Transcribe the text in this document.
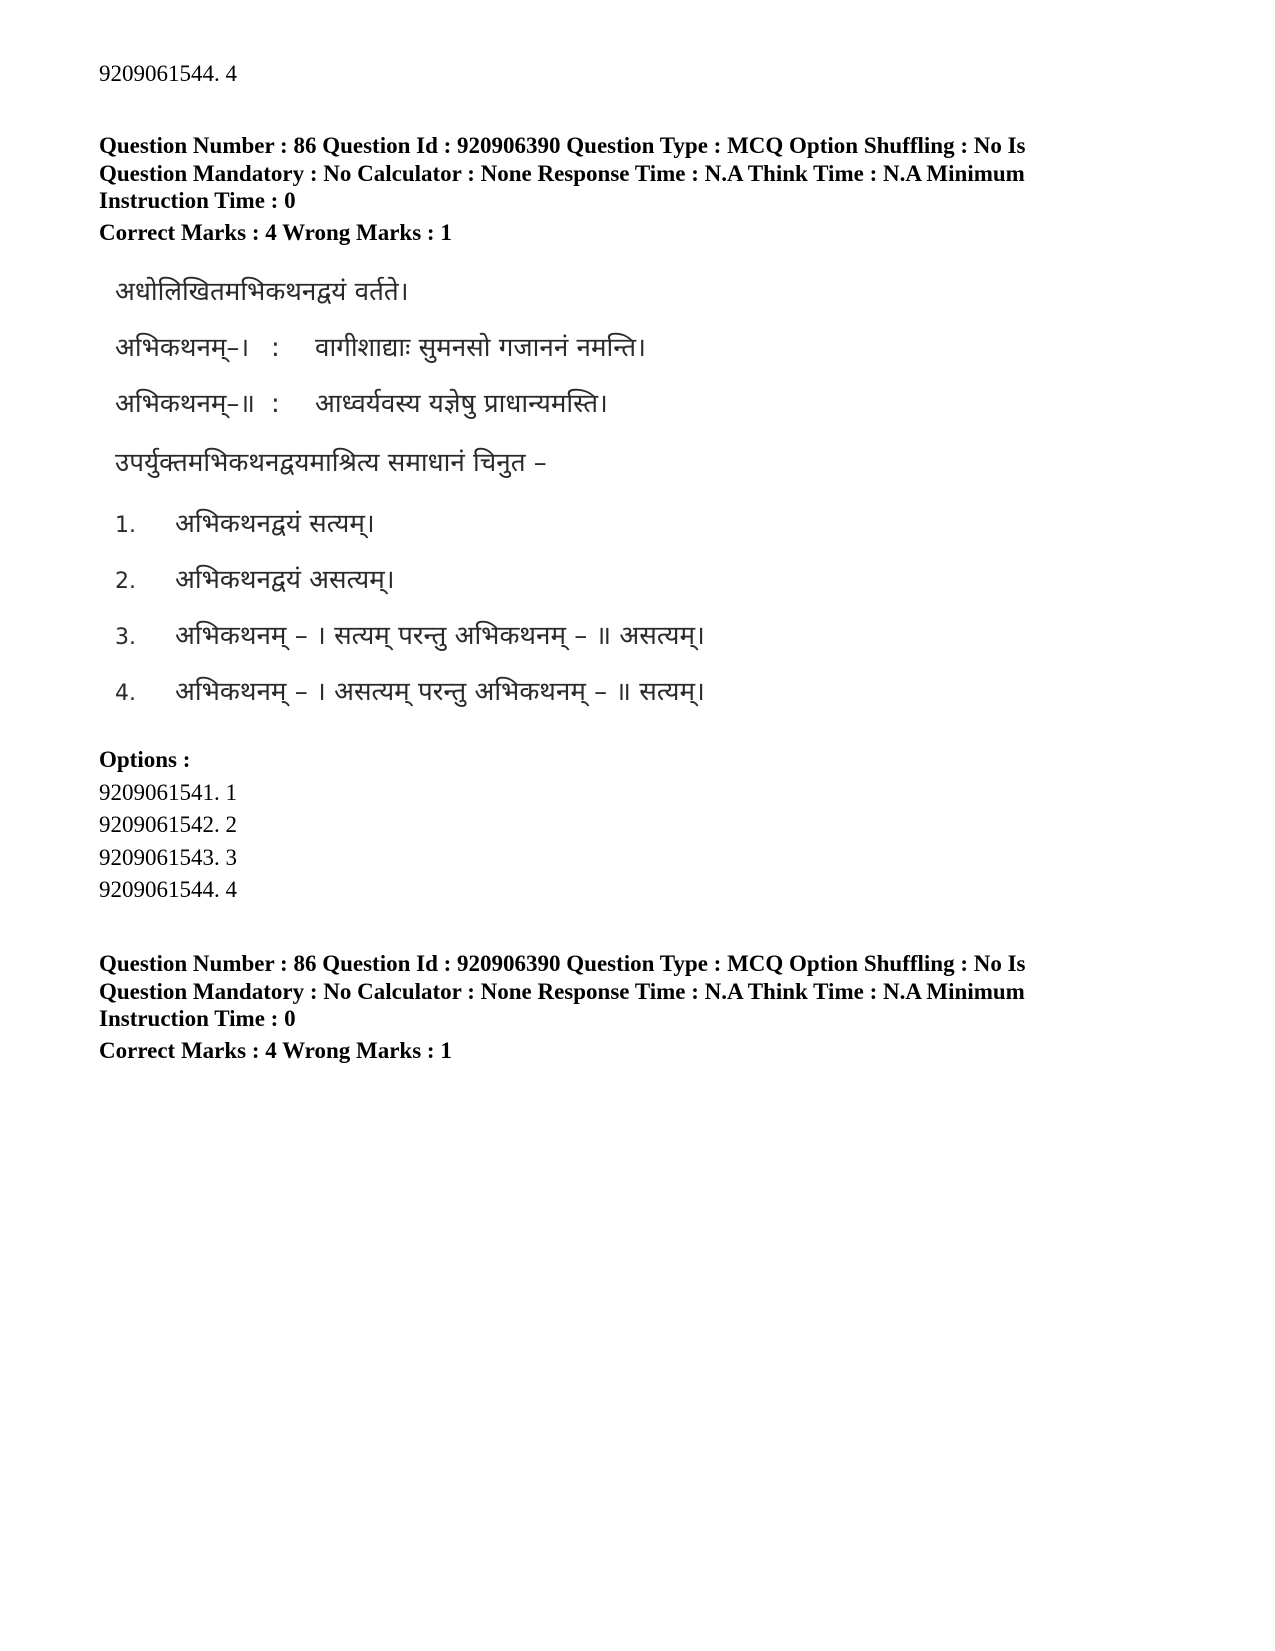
9209061544. 4
Question Number : 86 Question Id : 920906390 Question Type : MCQ Option Shuffling : No Is
Question Mandatory : No Calculator : None Response Time : N.A Think Time : N.A Minimum
Instruction Time : 0
Correct Marks : 4 Wrong Marks : 1
अधोलिखितमभिकथनद्वयं वर्तते।
अभिकथनम्–। : वागीशाद्याः सुमनसो गजाननं नमन्ति।
अभिकथनम्–॥ : आध्वर्यवस्य यज्ञेषु प्राधान्यमस्ति।
उपर्युक्तमभिकथनद्वयमाश्रित्य समाधानं चिनुत –
1. अभिकथनद्वयं सत्यम्।
2. अभिकथनद्वयं असत्यम्।
3. अभिकथनम् – । सत्यम् परन्तु अभिकथनम् – ॥ असत्यम्।
4. अभिकथनम् – । असत्यम् परन्तु अभिकथनम् – ॥ सत्यम्।
Options :
9209061541. 1
9209061542. 2
9209061543. 3
9209061544. 4
Question Number : 86 Question Id : 920906390 Question Type : MCQ Option Shuffling : No Is
Question Mandatory : No Calculator : None Response Time : N.A Think Time : N.A Minimum
Instruction Time : 0
Correct Marks : 4 Wrong Marks : 1
